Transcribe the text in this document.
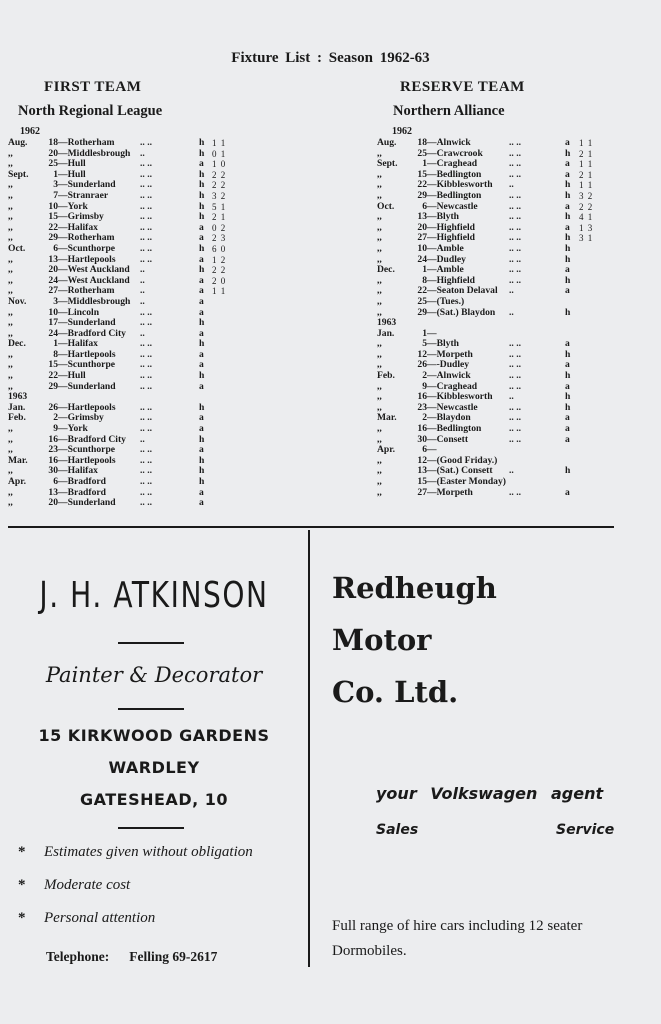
Fixture List : Season 1962-63
FIRST TEAM
North Regional League
1962
Aug.	18 —Rotherham	.. ..	h 1 1
,,	20 —Middlesbrough ..	h 0 1
,,	25 —Hull	.. ..	a 1 0
Sept.	1 —Hull	.. ..	h 2 2
,,	3 —Sunderland	.. ..	h 2 2
,,	7 —Stranraer	.. ..	h 3 2
,,	10 —York	.. ..	h 5 1
,,	15 —Grimsby	.. ..	h 2 1
,,	22 —Halifax	.. ..	a 0 2
,,	29 —Rotherham	.. ..	a 2 3
Oct.	6 —Scunthorpe	.. ..	h 6 0
,,	13 —Hartlepools	.. ..	a 1 2
,,	20 —West Auckland ..	h 2 2
,,	24 —West Auckland ..	a 2 0
,,	27 —Rotherham	..	a 1 1
Nov.	3 —Middlesbrough ..	a
,,	10 —Lincoln	.. ..	a
,,	17 —Sunderland	.. ..	h
,,	24 —Bradford City ..	a
Dec.	1 —Halifax	.. ..	h
,,	8 —Hartlepools	.. ..	a
,,	15 —Scunthorpe	.. ..	a
,,	22 —Hull	.. ..	h
,,	29 —Sunderland	.. ..	a
1963
Jan.	26 —Hartlepools	.. ..	h
Feb.	2 —Grimsby	.. ..	a
,,	9 —York	.. ..	a
,,	16 —Bradford City ..	h
,,	23 —Scunthorpe	.. ..	a
Mar.	16 —Hartlepools	.. ..	h
,,	30 —Halifax	.. ..	h
Apr.	6 —Bradford	.. ..	h
,,	13 —Bradford	.. ..	a
,,	20 —Sunderland	.. ..	a
RESERVE TEAM
Northern Alliance
1962
Aug.	18 —Alnwick	.. ..	a 1 1
,,	25 —Crawcrook	.. ..	h 2 1
Sept.	1 —Craghead	.. ..	a 1 1
,,	15 —Bedlington	.. ..	a 2 1
,,	22 —Kibblesworth ..	h 1 1
,,	29 —Bedlington	.. ..	h 3 2
Oct.	6 —Newcastle	.. ..	a 2 2
,,	13 —Blyth	.. ..	h 4 1
,,	20 —Highfield	.. ..	a 1 3
,,	27 —Highfield	.. ..	h 3 1
,,	10 —Amble	.. ..	h
,,	24 —Dudley	.. ..	h
Dec.	1 —Amble	.. ..	a
,,	8 —Highfield	.. ..	h
,,	22 —Seaton Delaval ..	a
,,	25 —(Tues.)
,,	29 —(Sat.) Blaydon ..	h
1963
Jan.	1 —
,,	5 —Blyth	.. ..	a
,,	12 —Morpeth	.. ..	h
,,	26 —-Dudley	.. ..	a
Feb.	2 —Alnwick	.. ..	h
,,	9 —Craghead	.. ..	a
,,	16 —Kibblesworth ..	h
,,	23 —Newcastle	.. ..	h
Mar.	2 —Blaydon	.. ..	a
,,	16 —Bedlington	.. ..	a
,,	30 —Consett	.. ..	a
Apr.	6 —
,,	12 —(Good Friday.)
,,	13 —(Sat.) Consett ..	h
,,	15 —(Easter Monday)
,,	27 —Morpeth	.. ..	a
J. H. ATKINSON
Painter & Decorator
15 KIRKWOOD GARDENS
WARDLEY
GATESHEAD, 10
* Estimates given without obligation
* Moderate cost
* Personal attention
Telephone: Felling 69-2617
Redheugh
Motor
Co. Ltd.
your Volkswagen agent
Sales	Service
Full range of hire cars including 12 seater Dormobiles.
